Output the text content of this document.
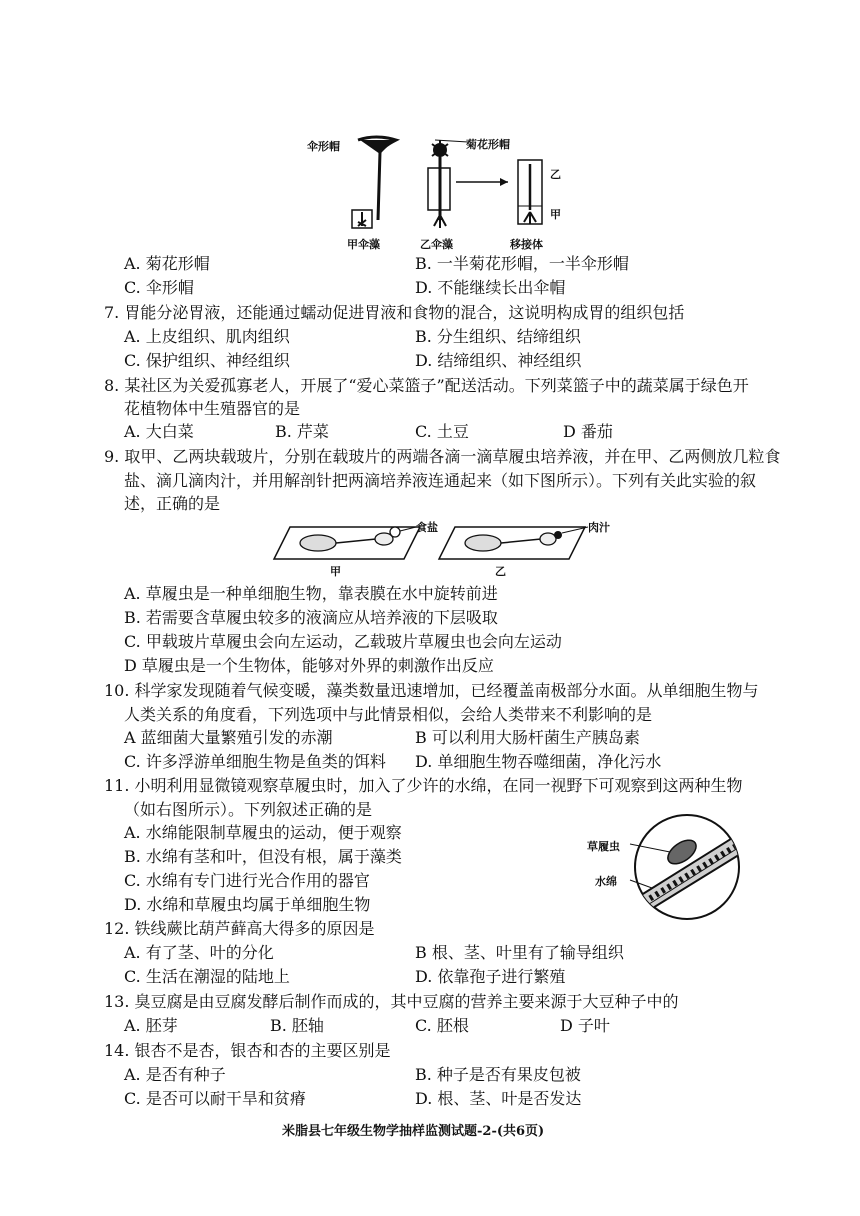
伞形帽	菊花形帽
乙
甲
甲伞藻	乙伞藻	移接体
A. 菊花形帽	B. 一半菊花形帽，一半伞形帽
C. 伞形帽	D. 不能继续长出伞帽
7. 胃能分泌胃液，还能通过蠕动促进胃液和食物的混合，这说明构成胃的组织包括
A. 上皮组织、肌肉组织	B. 分生组织、结缔组织
C. 保护组织、神经组织	D. 结缔组织、神经组织
8. 某社区为关爱孤寡老人，开展了“爱心菜篮子”配送活动。下列菜篮子中的蔬菜属于绿色开
花植物体中生殖器官的是
A. 大白菜	B. 芹菜	C. 土豆	D 番茄
9. 取甲、乙两块载玻片，分别在载玻片的两端各滴一滴草履虫培养液，并在甲、乙两侧放几粒食
盐、滴几滴肉汁，并用解剖针把两滴培养液连通起来（如下图所示）。下列有关此实验的叙
述，正确的是
食盐	肉汁
甲	乙
A. 草履虫是一种单细胞生物，靠表膜在水中旋转前进
B. 若需要含草履虫较多的液滴应从培养液的下层吸取
C. 甲载玻片草履虫会向左运动，乙载玻片草履虫也会向左运动
D 草履虫是一个生物体，能够对外界的刺激作出反应
10. 科学家发现随着气候变暖，藻类数量迅速增加，已经覆盖南极部分水面。从单细胞生物与
人类关系的角度看，下列选项中与此情景相似，会给人类带来不利影响的是
A 蓝细菌大量繁殖引发的赤潮	B 可以利用大肠杆菌生产胰岛素
C. 许多浮游单细胞生物是鱼类的饵料 D. 单细胞生物吞噬细菌，净化污水
11. 小明利用显微镜观察草履虫时，加入了少许的水绵，在同一视野下可观察到这两种生物
（如右图所示）。下列叙述正确的是
A. 水绵能限制草履虫的运动，便于观察
B. 水绵有茎和叶，但没有根，属于藻类
C. 水绵有专门进行光合作用的器官
D. 水绵和草履虫均属于单细胞生物
草履虫
水绵
12. 铁线蕨比葫芦藓高大得多的原因是
A. 有了茎、叶的分化	B 根、茎、叶里有了输导组织
C. 生活在潮湿的陆地上	D. 依靠孢子进行繁殖
13. 臭豆腐是由豆腐发酵后制作而成的，其中豆腐的营养主要来源于大豆种子中的
A. 胚芽	B. 胚轴	C. 胚根	D 子叶
14. 银杏不是杏，银杏和杏的主要区别是
A. 是否有种子	B. 种子是否有果皮包被
C. 是否可以耐干旱和贫瘠	D. 根、茎、叶是否发达
米脂县七年级生物学抽样监测试题-2-(共6页)
